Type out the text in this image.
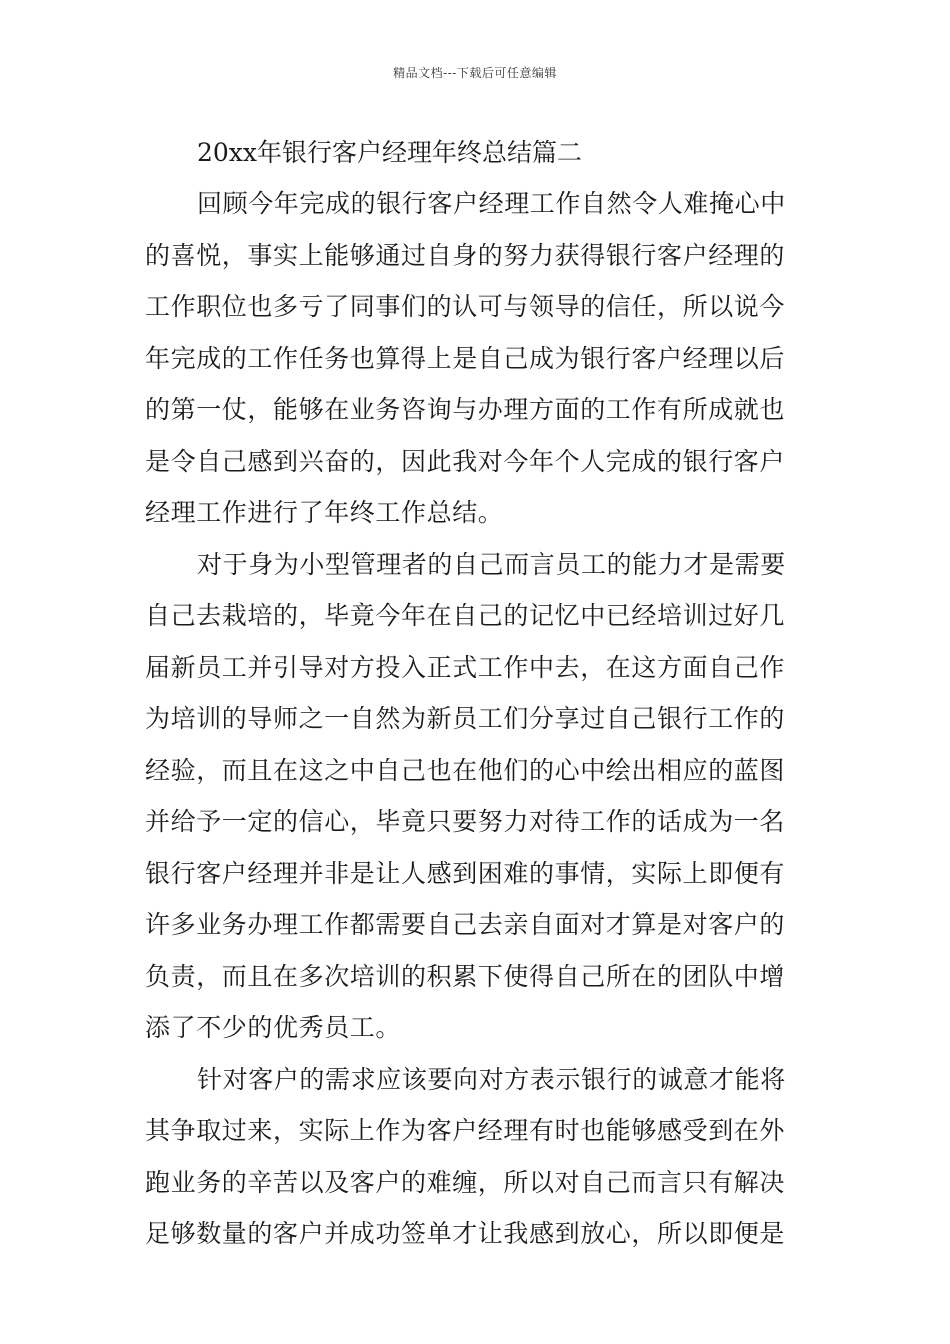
精品文档---下载后可任意编辑
20xx年银行客户经理年终总结篇二

回顾今年完成的银行客户经理工作自然令人难掩心中
的喜悦，事实上能够通过自身的努力获得银行客户经理的
工作职位也多亏了同事们的认可与领导的信任，所以说今
年完成的工作任务也算得上是自己成为银行客户经理以后
的第一仗，能够在业务咨询与办理方面的工作有所成就也
是令自己感到兴奋的，因此我对今年个人完成的银行客户
经理工作进行了年终工作总结。

对于身为小型管理者的自己而言员工的能力才是需要
自己去栽培的，毕竟今年在自己的记忆中已经培训过好几
届新员工并引导对方投入正式工作中去，在这方面自己作
为培训的导师之一自然为新员工们分享过自己银行工作的
经验，而且在这之中自己也在他们的心中绘出相应的蓝图
并给予一定的信心，毕竟只要努力对待工作的话成为一名
银行客户经理并非是让人感到困难的事情，实际上即便有
许多业务办理工作都需要自己去亲自面对才算是对客户的
负责，而且在多次培训的积累下使得自己所在的团队中增
添了不少的优秀员工。

针对客户的需求应该要向对方表示银行的诚意才能将
其争取过来，实际上作为客户经理有时也能够感受到在外
跑业务的辛苦以及客户的难缠，所以对自己而言只有解决
足够数量的客户并成功签单才让我感到放心，所以即便是
